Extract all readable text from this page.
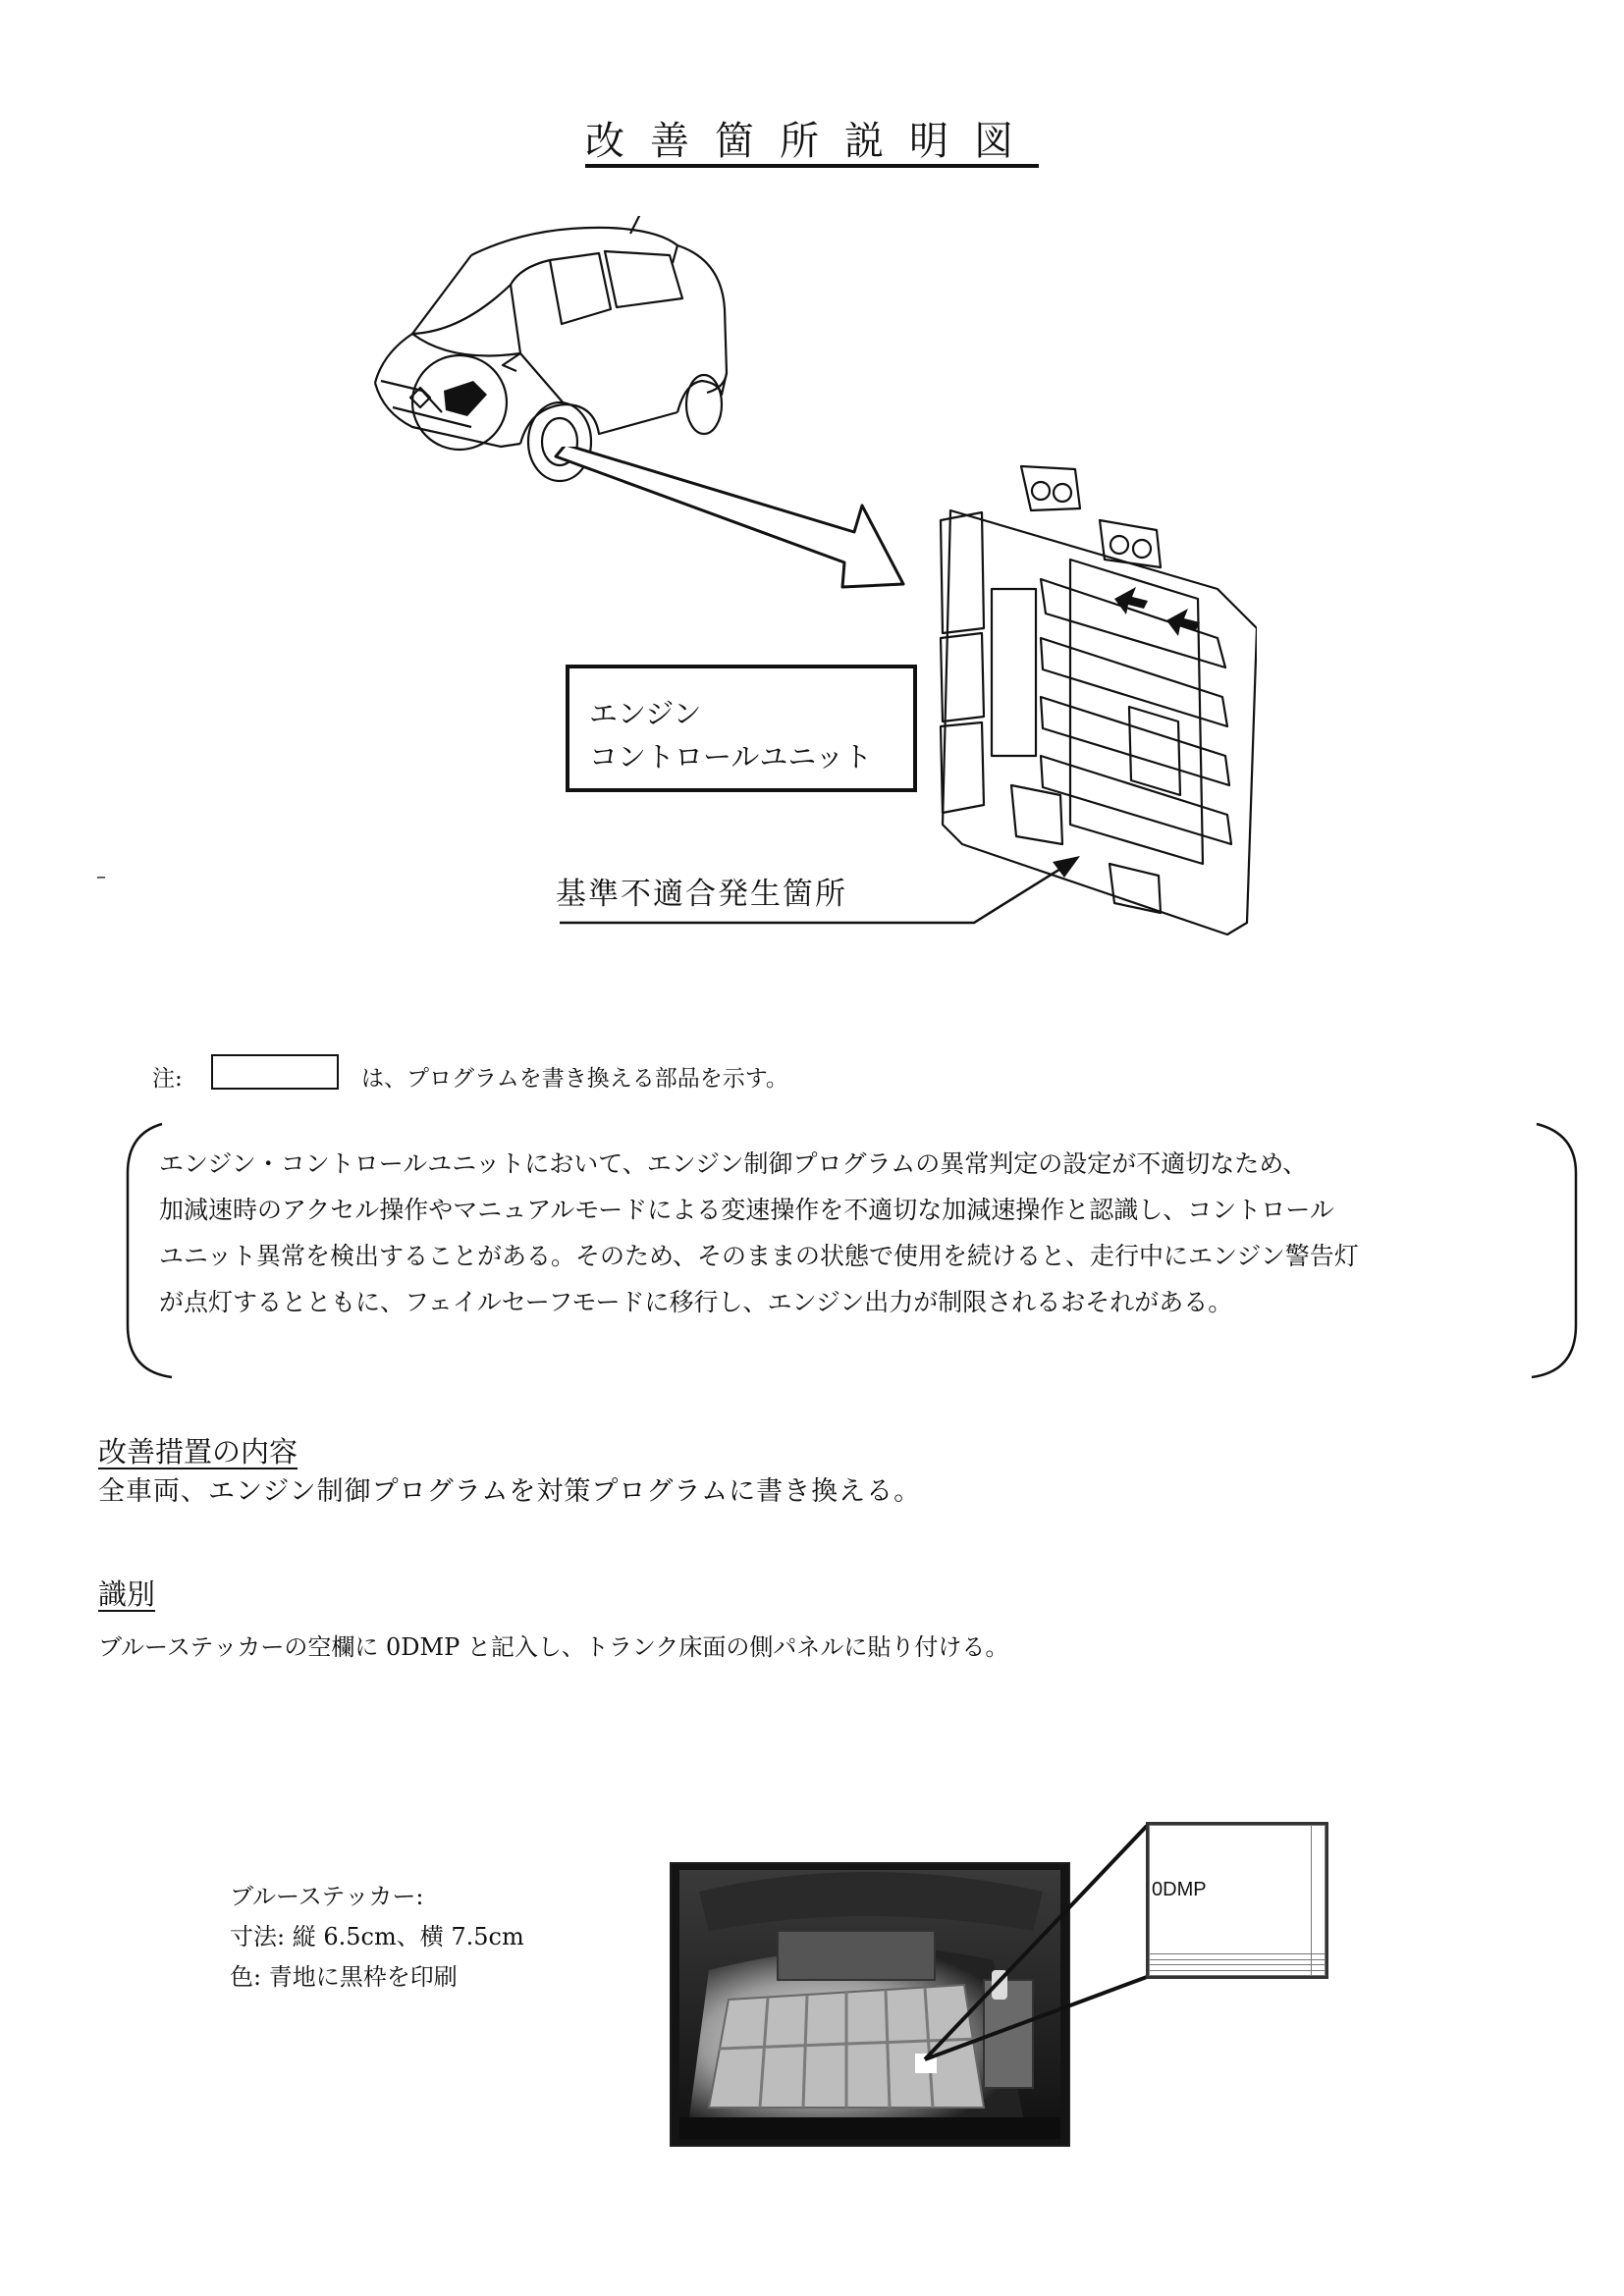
改善箇所説明図
エンジン
コントロールユニット
基準不適合発生箇所
–
注:	は、プログラムを書き換える部品を示す。

エンジン・コントロールユニットにおいて、エンジン制御プログラムの異常判定の設定が不適切なため、

加減速時のアクセル操作やマニュアルモードによる変速操作を不適切な加減速操作と認識し、コントロール

ユニット異常を検出することがある。そのため、そのままの状態で使用を続けると、走行中にエンジン警告灯

が点灯するとともに、フェイルセーフモードに移行し、エンジン出力が制限されるおそれがある。

改善措置の内容
全車両、エンジン制御プログラムを対策プログラムに書き換える。
識別
ブルーステッカーの空欄に 0DMP と記入し、トランク床面の側パネルに貼り付ける。
ブルーステッカー:
寸法: 縦 6.5cm、横 7.5cm
色: 青地に黒枠を印刷
0DMP	
